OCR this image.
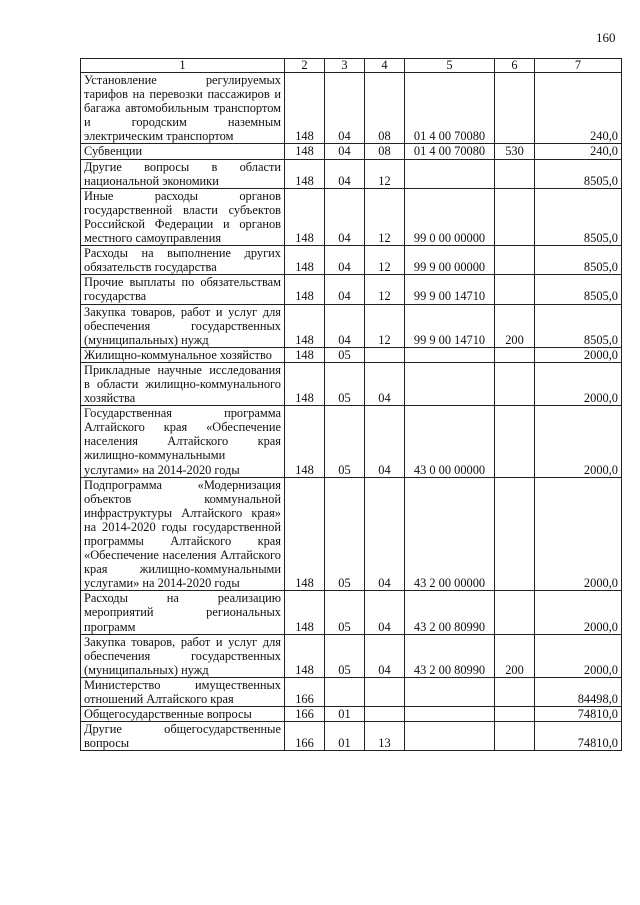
160
1	2	3	4	5	6	7
Установление регулируемых тарифов на перевозки пассажиров и багажа автомобильным транспортом и городским наземным электрическим транспортом	148	04	08	01 4 00 70080		240,0
Субвенции	148	04	08	01 4 00 70080	530	240,0
Другие вопросы в области национальной экономики	148	04	12			8505,0
Иные расходы органов государственной власти субъектов Российской Федерации и органов местного самоуправления	148	04	12	99 0 00 00000		8505,0
Расходы на выполнение других обязательств государства	148	04	12	99 9 00 00000		8505,0
Прочие выплаты по обязательствам государства	148	04	12	99 9 00 14710		8505,0
Закупка товаров, работ и услуг для обеспечения государственных (муниципальных) нужд	148	04	12	99 9 00 14710	200	8505,0
Жилищно-коммунальное хозяйство	148	05				2000,0
Прикладные научные исследования в области жилищно-коммунального хозяйства	148	05	04			2000,0
Государственная программа Алтайского края «Обеспечение населения Алтайского края жилищно-коммунальными услугами» на 2014-2020 годы	148	05	04	43 0 00 00000		2000,0
Подпрограмма «Модернизация объектов коммунальной инфраструктуры Алтайского края» на 2014-2020 годы государственной программы Алтайского края «Обеспечение населения Алтайского края жилищно-коммунальными услугами» на 2014-2020 годы	148	05	04	43 2 00 00000		2000,0
Расходы на реализацию мероприятий региональных программ	148	05	04	43 2 00 80990		2000,0
Закупка товаров, работ и услуг для обеспечения государственных (муниципальных) нужд	148	05	04	43 2 00 80990	200	2000,0
Министерство имущественных отношений Алтайского края	166					84498,0
Общегосударственные вопросы	166	01				74810,0
Другие общегосударственные вопросы	166	01	13			74810,0
